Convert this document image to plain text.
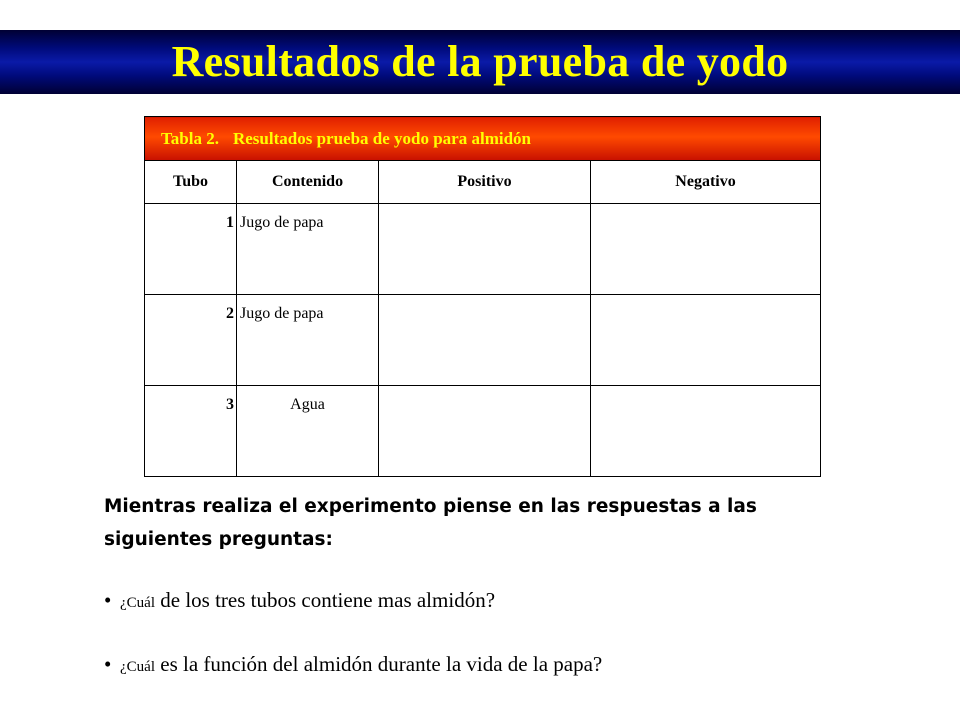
Resultados de la prueba de yodo
Tabla 2. Resultados prueba de yodo para almidón			
Tubo	Contenido	Positivo	Negativo
1	Jugo de papa		
2	Jugo de papa		
3	Agua		
Mientras realiza el experimento piense en las respuestas a las siguientes preguntas:
• ¿Cuál de los tres tubos contiene mas almidón?
• ¿Cuál es la función del almidón durante la vida de la papa?
